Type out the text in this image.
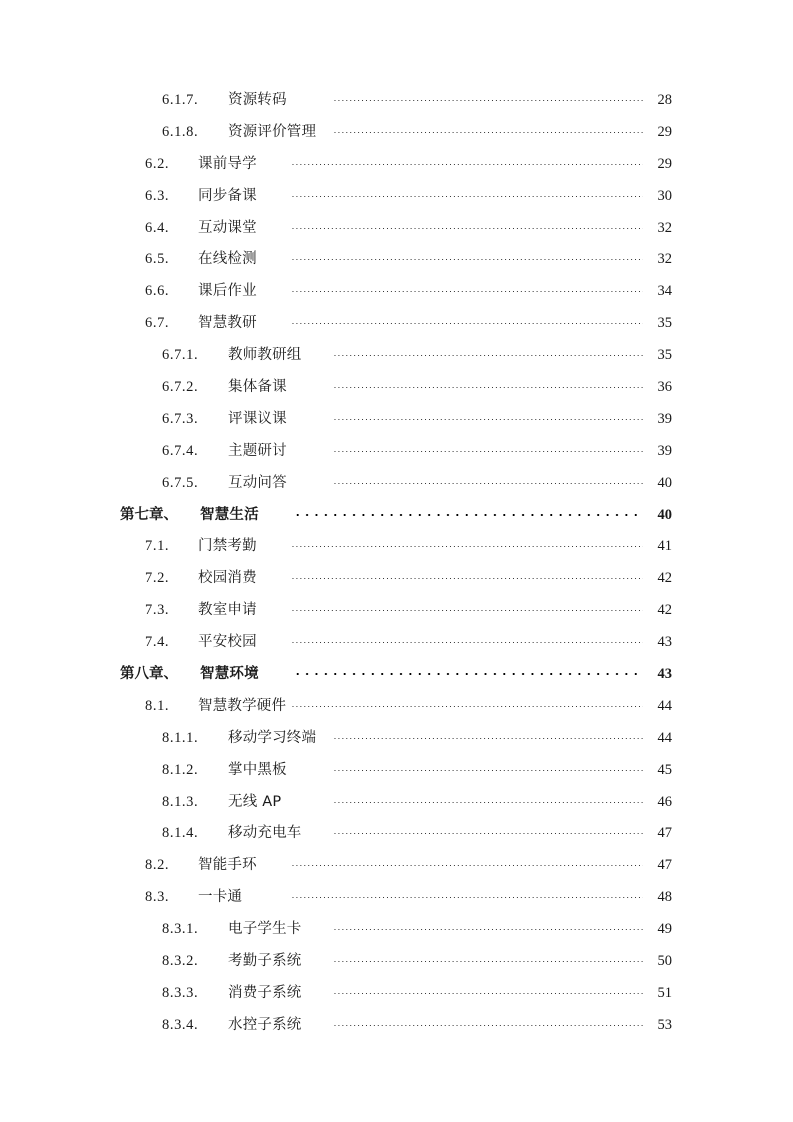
6.1.7.	资源转码	28
6.1.8.	资源评价管理	29
6.2.	课前导学	29
6.3.	同步备课	30
6.4.	互动课堂	32
6.5.	在线检测	32
6.6.	课后作业	34
6.7.	智慧教研	35
6.7.1.	教师教研组	35
6.7.2.	集体备课	36
6.7.3.	评课议课	39
6.7.4.	主题研讨	39
6.7.5.	互动问答	40
第七章、	智慧生活	40
7.1.	门禁考勤	41
7.2.	校园消费	42
7.3.	教室申请	42
7.4.	平安校园	43
第八章、	智慧环境	43
8.1.	智慧教学硬件	44
8.1.1.	移动学习终端	44
8.1.2.	掌中黑板	45
8.1.3.	无线 AP	46
8.1.4.	移动充电车	47
8.2.	智能手环	47
8.3.	一卡通	48
8.3.1.	电子学生卡	49
8.3.2.	考勤子系统	50
8.3.3.	消费子系统	51
8.3.4.	水控子系统	53
